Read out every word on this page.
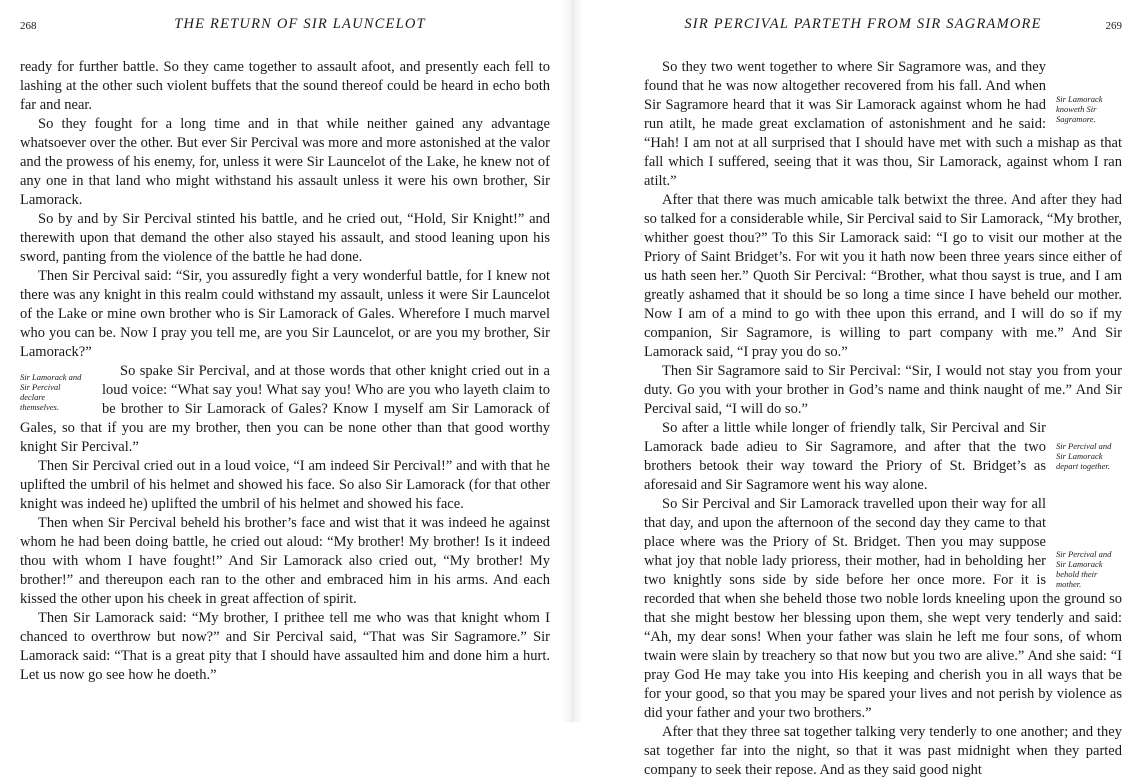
268	THE RETURN OF SIR LAUNCELOT

ready for further battle. So they came together to assault afoot, and presently each fell to lashing at the other such violent buffets that the sound thereof could be heard in echo both far and near.

So they fought for a long time and in that while neither gained any advantage whatsoever over the other. But ever Sir Percival was more and more astonished at the valor and the prowess of his enemy, for, unless it were Sir Launcelot of the Lake, he knew not of any one in that land who might withstand his assault unless it were his own brother, Sir Lamorack.

So by and by Sir Percival stinted his battle, and he cried out, “Hold, Sir Knight!” and therewith upon that demand the other also stayed his assault, and stood leaning upon his sword, panting from the violence of the battle he had done.

Then Sir Percival said: “Sir, you assuredly fight a very wonderful battle, for I knew not there was any knight in this realm could withstand my assault, unless it were Sir Launcelot of the Lake or mine own brother who is Sir Lamorack of Gales. Wherefore I much marvel who you can be. Now I pray you tell me, are you Sir Launcelot, or are you my brother, Sir Lamorack?”

Sir Lamorack and Sir Percival declare themselves.

So spake Sir Percival, and at those words that other knight cried out in a loud voice: “What say you! What say you! Who are you who layeth claim to be brother to Sir Lamorack of Gales? Know I myself am Sir Lamorack of Gales, so that if you are my brother, then you can be none other than that good worthy knight Sir Percival.”

Then Sir Percival cried out in a loud voice, “I am indeed Sir Percival!” and with that he uplifted the umbril of his helmet and showed his face. So also Sir Lamorack (for that other knight was indeed he) uplifted the umbril of his helmet and showed his face.

Then when Sir Percival beheld his brother’s face and wist that it was indeed he against whom he had been doing battle, he cried out aloud: “My brother! My brother! Is it indeed thou with whom I have fought!” And Sir Lamorack also cried out, “My brother! My brother!” and thereupon each ran to the other and embraced him in his arms. And each kissed the other upon his cheek in great affection of spirit.

Then Sir Lamorack said: “My brother, I prithee tell me who was that knight whom I chanced to overthrow but now?” and Sir Percival said, “That was Sir Sagramore.” Sir Lamorack said: “That is a great pity that I should have assaulted him and done him a hurt. Let us now go see how he doeth.”

SIR PERCIVAL PARTETH FROM SIR SAGRAMORE	269
Sir Lamorack knoweth Sir Sagramore.

So they two went together to where Sir Sagramore was, and they found that he was now altogether recovered from his fall. And when Sir Sagramore heard that it was Sir Lamorack against whom he had run atilt, he made great exclamation of astonishment and he said: “Hah! I am not at all surprised that I should have met with such a mishap as that fall which I suffered, seeing that it was thou, Sir Lamorack, against whom I ran atilt.”

After that there was much amicable talk betwixt the three. And after they had so talked for a considerable while, Sir Percival said to Sir Lamorack, “My brother, whither goest thou?” To this Sir Lamorack said: “I go to visit our mother at the Priory of Saint Bridget’s. For wit you it hath now been three years since either of us hath seen her.” Quoth Sir Percival: “Brother, what thou sayst is true, and I am greatly ashamed that it should be so long a time since I have beheld our mother. Now I am of a mind to go with thee upon this errand, and I will do so if my companion, Sir Sagramore, is willing to part company with me.” And Sir Lamorack said, “I pray you do so.”

Then Sir Sagramore said to Sir Percival: “Sir, I would not stay you from your duty. Go you with your brother in God’s name and think naught of me.” And Sir Percival said, “I will do so.”

Sir Percival and Sir Lamorack depart together.

So after a little while longer of friendly talk, Sir Percival and Sir Lamorack bade adieu to Sir Sagramore, and after that the two brothers betook their way toward the Priory of St. Bridget’s as aforesaid and Sir Sagramore went his way alone.

Sir Percival and Sir Lamorack behold their mother.

So Sir Percival and Sir Lamorack travelled upon their way for all that day, and upon the afternoon of the second day they came to that place where was the Priory of St. Bridget. Then you may suppose what joy that noble lady prioress, their mother, had in beholding her two knightly sons side by side before her once more. For it is recorded that when she beheld those two noble lords kneeling upon the ground so that she might bestow her blessing upon them, she wept very tenderly and said: “Ah, my dear sons! When your father was slain he left me four sons, of whom twain were slain by treachery so that now but you two are alive.” And she said: “I pray God He may take you into His keeping and cherish you in all ways that be for your good, so that you may be spared your lives and not perish by violence as did your father and your two brothers.”

After that they three sat together talking very tenderly to one another; and they sat together far into the night, so that it was past midnight when they parted company to seek their repose. And as they said good night
